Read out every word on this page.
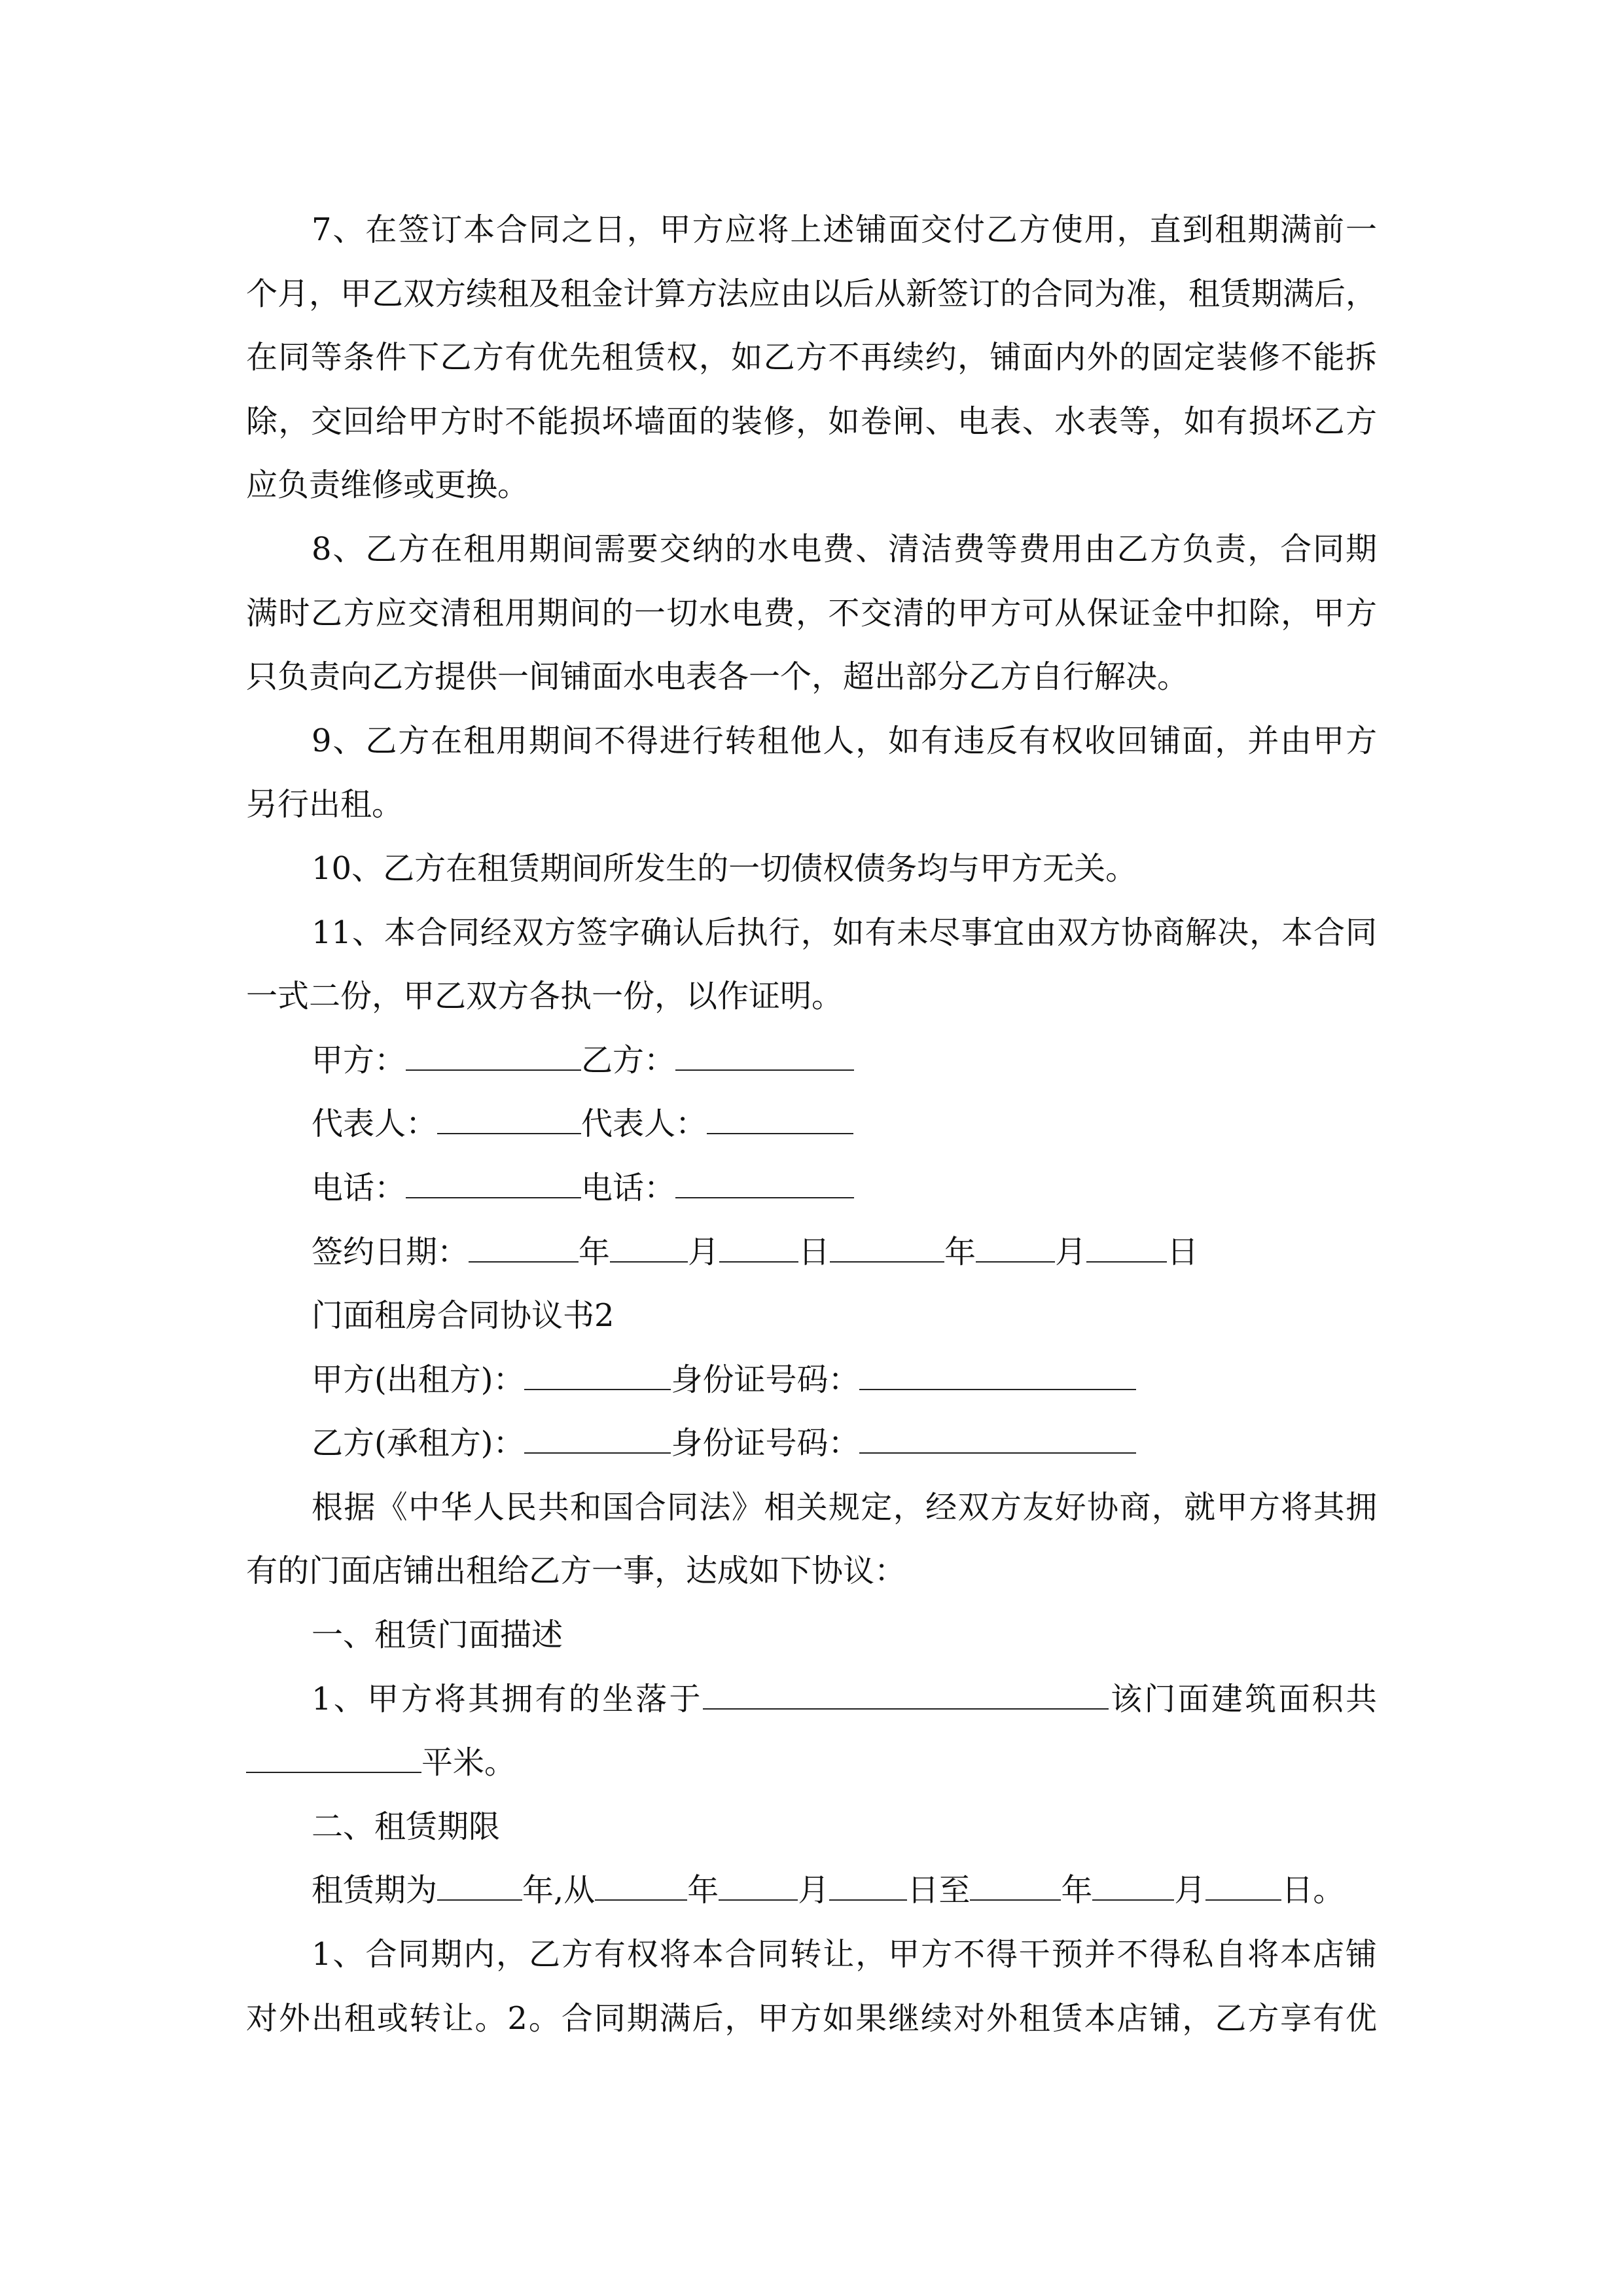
7、在签订本合同之日，甲方应将上述铺面交付乙方使用，直到租期满前一
个月，甲乙双方续租及租金计算方法应由以后从新签订的合同为准，租赁期满后，
在同等条件下乙方有优先租赁权，如乙方不再续约，铺面内外的固定装修不能拆
除，交回给甲方时不能损坏墙面的装修，如卷闸、电表、水表等，如有损坏乙方
应负责维修或更换。
8、乙方在租用期间需要交纳的水电费、清洁费等费用由乙方负责，合同期
满时乙方应交清租用期间的一切水电费，不交清的甲方可从保证金中扣除，甲方
只负责向乙方提供一间铺面水电表各一个，超出部分乙方自行解决。
9、乙方在租用期间不得进行转租他人，如有违反有权收回铺面，并由甲方
另行出租。
10、乙方在租赁期间所发生的一切债权债务均与甲方无关。
11、本合同经双方签字确认后执行，如有未尽事宜由双方协商解决，本合同
一式二份，甲乙双方各执一份，以作证明。
甲方：	乙方：
代表人：	代表人：
电话：	电话：
签约日期：	年 月	日	年	月	日
门面租房合同协议书2
甲方(出租方)：	身份证号码：
乙方(承租方)：	身份证号码：
根据《中华人民共和国合同法》相关规定，经双方友好协商，就甲方将其拥
有的门面店铺出租给乙方一事，达成如下协议：
一、租赁门面描述
1、甲方将其拥有的坐落于	该门面建筑面积共
平米。
二、租赁期限
租赁期为	年,从	年	月 日至	年	月 日。
1、合同期内，乙方有权将本合同转让，甲方不得干预并不得私自将本店铺
对外出租或转让。2。合同期满后，甲方如果继续对外租赁本店铺，乙方享有优
